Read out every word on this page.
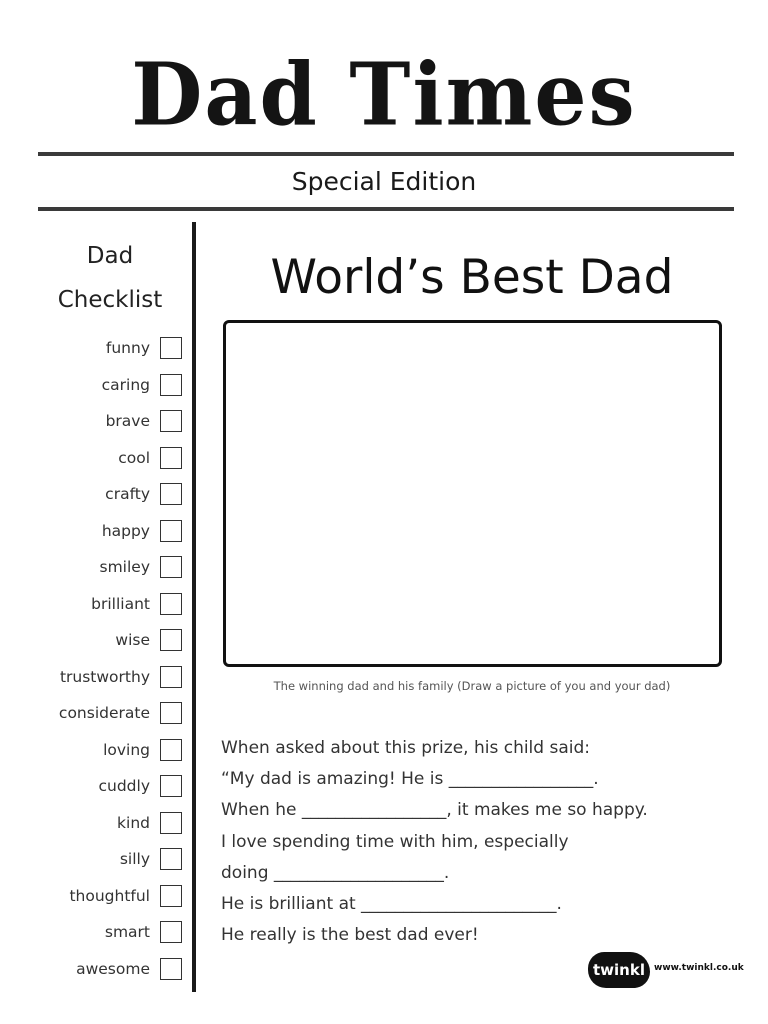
Dad Times
Special Edition
Dad
Checklist
funny
caring
brave
cool
crafty
happy
smiley
brilliant
wise
trustworthy
considerate
loving
cuddly
kind
silly
thoughtful
smart
awesome
World’s Best Dad
The winning dad and his family (Draw a picture of you and your dad)
When asked about this prize, his child said:
“My dad is amazing! He is _________________.
When he _________________, it makes me so happy.
I love spending time with him, especially
doing ____________________.
He is brilliant at _______________________.
He really is the best dad ever!
twinkl	www.twinkl.co.uk
